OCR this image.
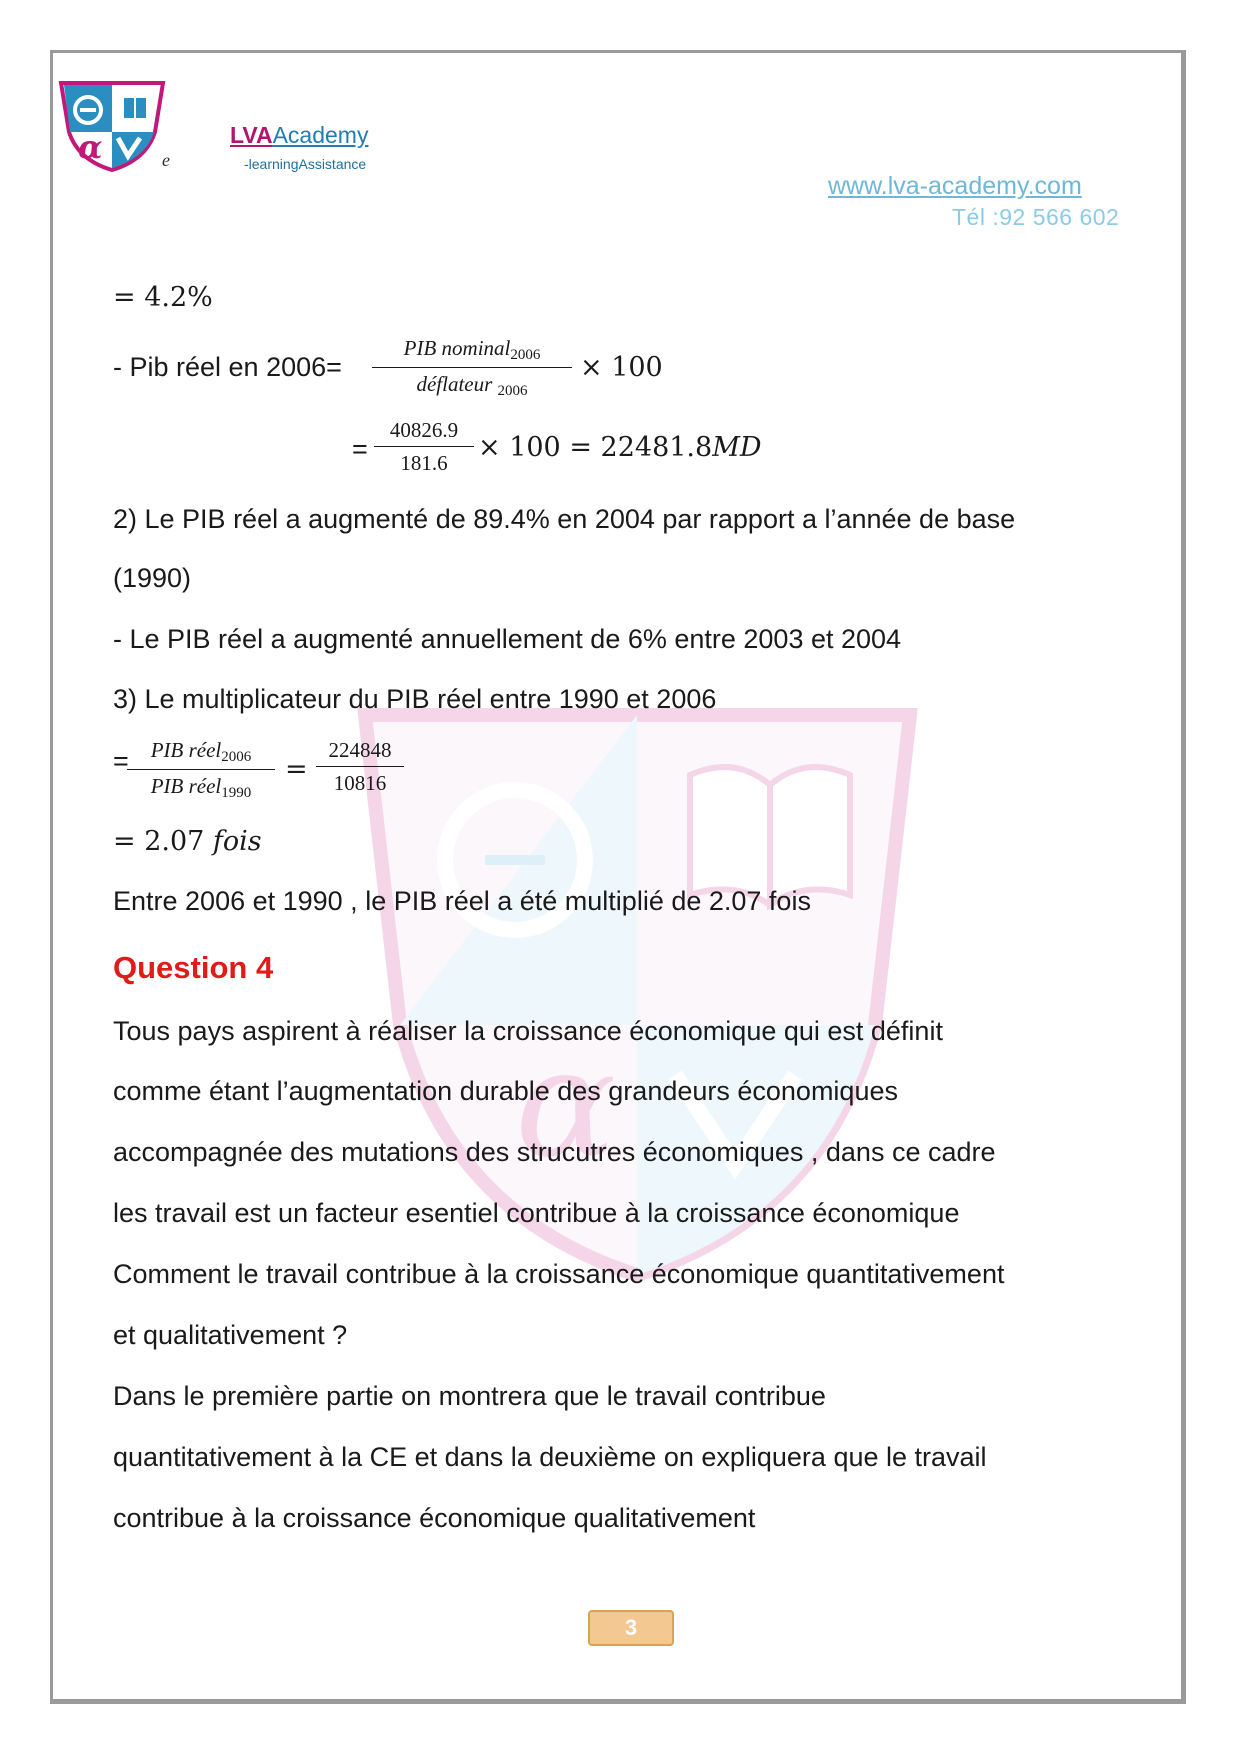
α
α	e
LVAAcademy
-learningAssistance
www.lva-academy.com
Tél :92 566 602
= 4.2%
- Pib réel en 2006=
PIB nominal$_{2006}$
déflateur $_{2006}$
× 100
= $\frac{40826.9}{181.6} \times 100 = 22481.8MD$
2) Le PIB réel a augmenté de 89.4% en 2004 par rapport a l’année de base
(1990)
- Le PIB réel a augmenté annuellement de 6% entre 2003 et 2004
3) Le multiplicateur du PIB réel entre 1990 et 2006
=	PIB réel$_{2006}$
PIB réel$_{1990}$
= $\frac{224848}{10816}$
= 2.07 fois
Entre 2006 et 1990 , le PIB réel a été multiplié de 2.07 fois
Question 4
Tous pays aspirent à réaliser la croissance économique qui est définit
comme étant l’augmentation durable des grandeurs économiques
accompagnée des mutations des strucutres économiques , dans ce cadre
les travail est un facteur esentiel contribue à la croissance économique
Comment le travail contribue à la croissance économique quantitativement
et qualitativement ?
Dans le première partie on montrera que le travail contribue
quantitativement à la CE et dans la deuxième on expliquera que le travail
contribue à la croissance économique qualitativement
3
